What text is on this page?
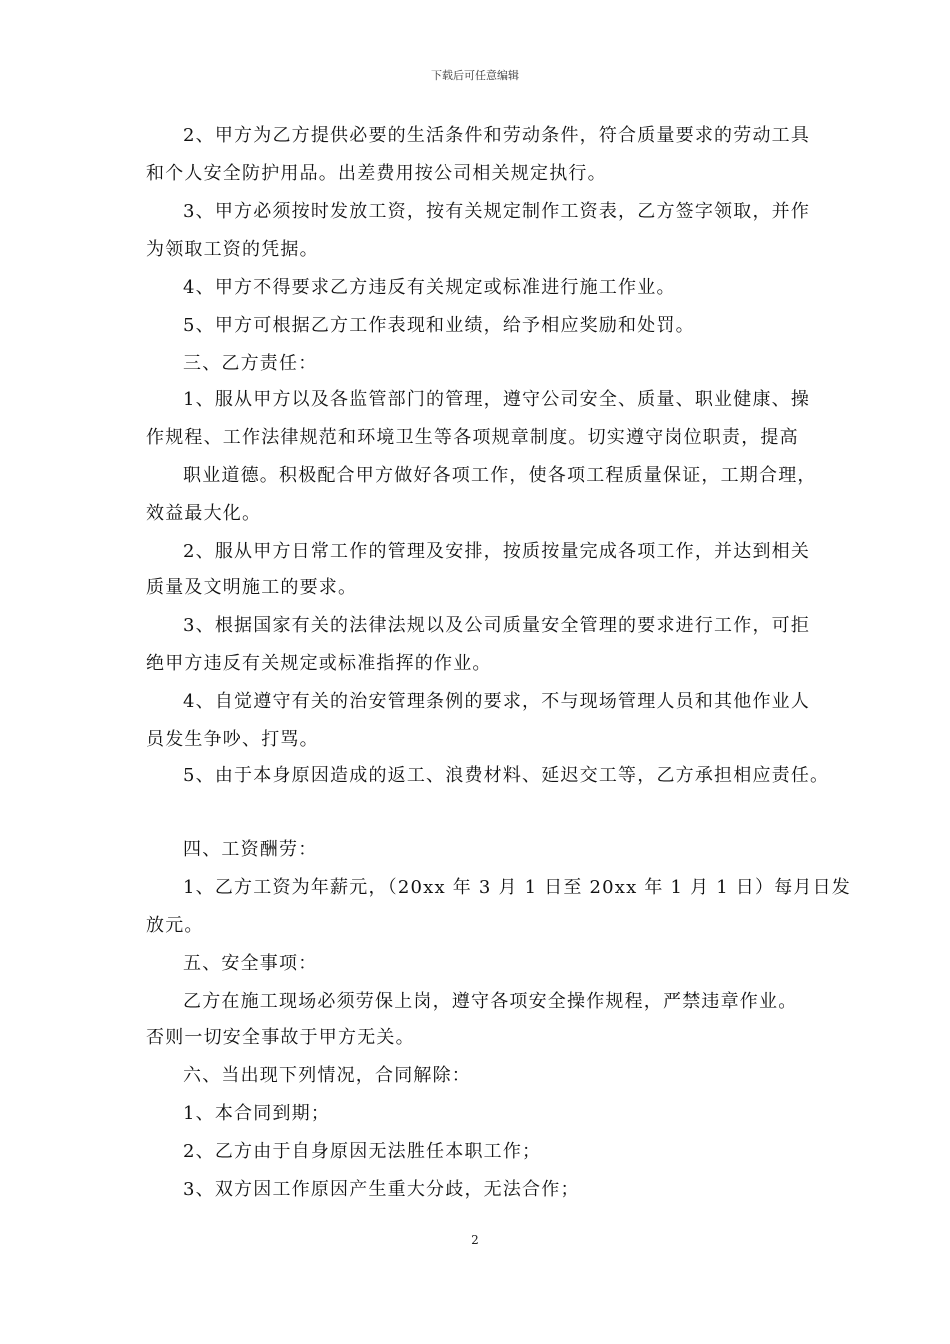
下载后可任意编辑
2、甲方为乙方提供必要的生活条件和劳动条件，符合质量要求的劳动工具
和个人安全防护用品。出差费用按公司相关规定执行。
3、甲方必须按时发放工资，按有关规定制作工资表，乙方签字领取，并作
为领取工资的凭据。
4、甲方不得要求乙方违反有关规定或标准进行施工作业。
5、甲方可根据乙方工作表现和业绩，给予相应奖励和处罚。
三、乙方责任：
1、服从甲方以及各监管部门的管理，遵守公司安全、质量、职业健康、操
作规程、工作法律规范和环境卫生等各项规章制度。切实遵守岗位职责，提高
职业道德。积极配合甲方做好各项工作，使各项工程质量保证，工期合理，
效益最大化。
2、服从甲方日常工作的管理及安排，按质按量完成各项工作，并达到相关
质量及文明施工的要求。
3、根据国家有关的法律法规以及公司质量安全管理的要求进行工作，可拒
绝甲方违反有关规定或标准指挥的作业。
4、自觉遵守有关的治安管理条例的要求，不与现场管理人员和其他作业人
员发生争吵、打骂。
5、由于本身原因造成的返工、浪费材料、延迟交工等，乙方承担相应责任。
四、工资酬劳：
1、乙方工资为年薪元，（20xx 年 3 月 1 日至 20xx 年 1 月 1 日）每月日发
放元。
五、安全事项：
乙方在施工现场必须劳保上岗，遵守各项安全操作规程，严禁违章作业。
否则一切安全事故于甲方无关。
六、当出现下列情况，合同解除：
1、本合同到期；
2、乙方由于自身原因无法胜任本职工作；
3、双方因工作原因产生重大分歧，无法合作；
2
